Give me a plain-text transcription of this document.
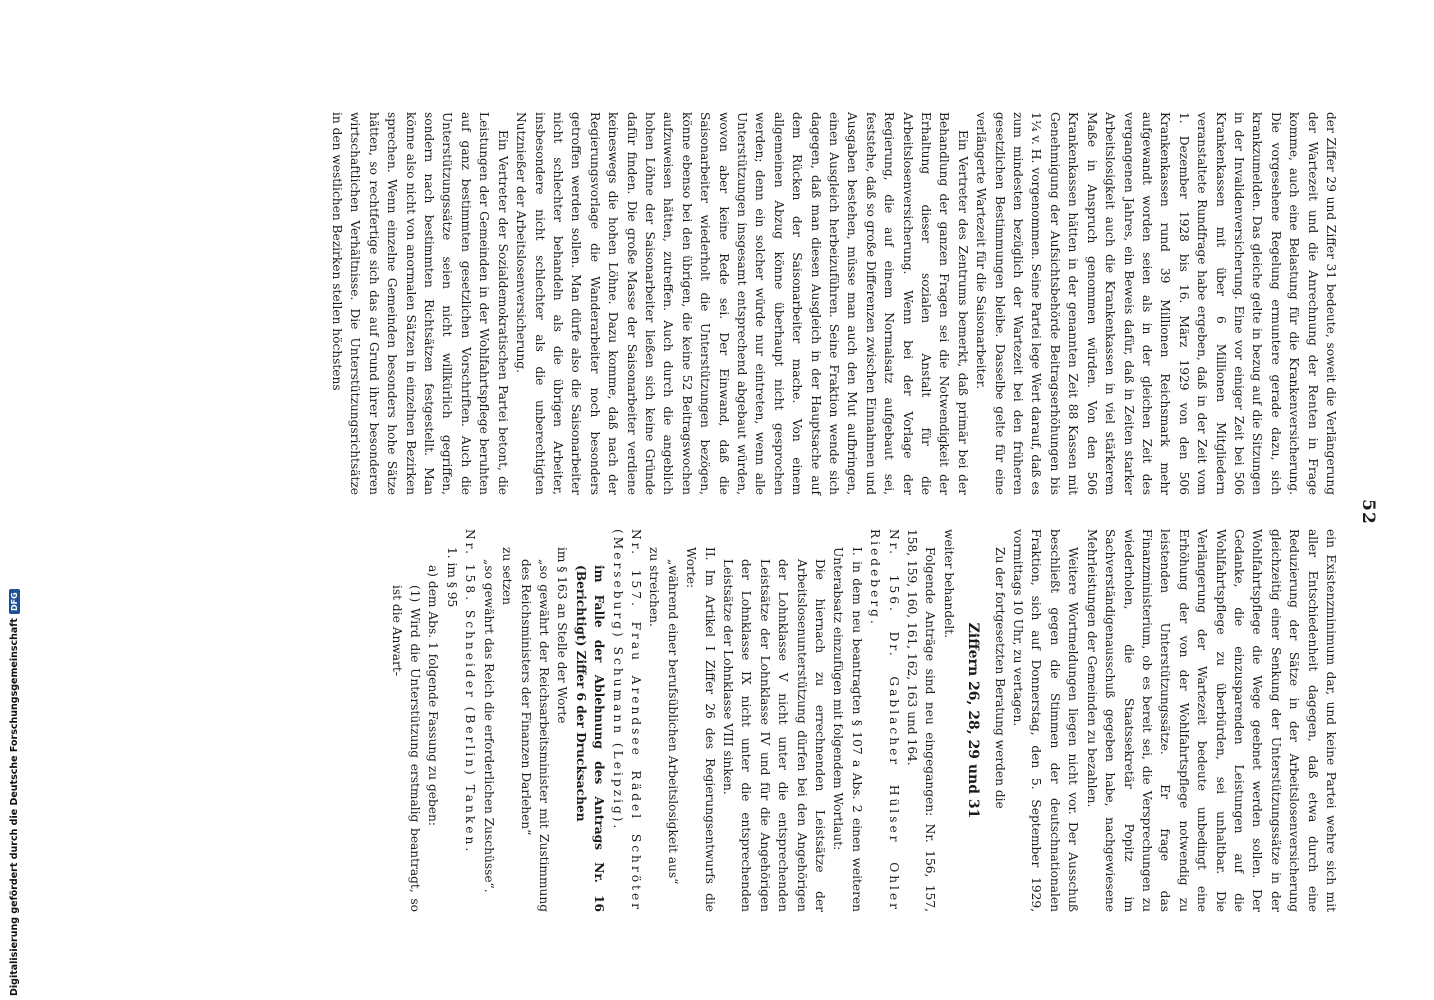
52

der Ziffer 29 und Ziffer 31 bedeute, soweit die Verlängerung der Wartezeit und die Anrechnung der Renten in Frage komme, auch eine Belastung für die Krankenversicherung. Die vorgesehene Regelung ermuntere gerade dazu, sich krankzumelden. Das gleiche gelte in bezug auf die Sitzungen in der Invalidenversicherung. Eine vor einiger Zeit bei 506 Krankenkassen mit über 6 Millionen Mitgliedern veranstaltete Rundfrage habe ergeben, daß in der Zeit vom 1. Dezember 1928 bis 16. März 1929 von den 506 Krankenkassen rund 39 Millionen Reichsmark mehr aufgewandt worden seien als in der gleichen Zeit des vergangenen Jahres, ein Beweis dafür, daß in Zeiten starker Arbeitslosigkeit auch die Krankenkassen in viel stärkerem Maße in Anspruch genommen würden. Von den 506 Krankenkassen hätten in der genannten Zeit 88 Kassen mit Genehmigung der Aufsichtsbehörde Beitragserhöhungen bis 1¼ v. H. vorgenommen. Seine Partei lege Wert darauf, daß es zum mindesten bezüglich der Wartezeit bei den früheren gesetzlichen Bestimmungen bleibe. Dasselbe gelte für eine verlängerte Wartezeit für die Saisonarbeiter.

Ein Vertreter des Zentrums bemerkt, daß primär bei der Behandlung der ganzen Fragen sei die Notwendigkeit der Erhaltung dieser sozialen Anstalt für die Arbeitslosenversicherung. Wenn bei der Vorlage der Regierung, die auf einem Normalsatz aufgebaut sei, feststehe, daß so große Differenzen zwischen Einnahmen und Ausgaben bestehen, müsse man auch den Mut aufbringen, einen Ausgleich herbeizuführen. Seine Fraktion wende sich dagegen, daß man diesen Ausgleich in der Hauptsache auf dem Rücken der Saisonarbeiter mache. Von einem allgemeinen Abzug könne überhaupt nicht gesprochen werden; denn ein solcher würde nur eintreten, wenn alle Unterstützungen insgesamt entsprechend abgebaut würden, wovon aber keine Rede sei. Der Einwand, daß die Saisonarbeiter wiederholt die Unterstützungen bezögen, könne ebenso bei den übrigen, die keine 52 Beitragswochen aufzuweisen hätten, zutreffen. Auch durch die angeblich hohen Löhne der Saisonarbeiter ließen sich keine Gründe dafür finden. Die große Masse der Saisonarbeiter verdiene keineswegs die hohen Löhne. Dazu komme, daß nach der Regierungsvorlage die Wanderarbeiter noch besonders getroffen werden sollen. Man dürfe also die Saisonarbeiter nicht schlechter behandeln als die übrigen Arbeiter, insbesondere nicht schlechter als die unberechtigten Nutznießer der Arbeitslosenversicherung.

Ein Vertreter der Sozialdemokratischen Partei betont, die Leistungen der Gemeinden in der Wohlfahrtspflege beruhten auf ganz bestimmten gesetzlichen Vorschriften. Auch die Unterstützungssätze seien nicht willkürlich gegriffen, sondern nach bestimmten Richtsätzen festgestellt. Man könne also nicht von anormalen Sätzen in einzelnen Bezirken sprechen. Wenn einzelne Gemeinden besonders hohe Sätze hätten, so rechtfertige sich das auf Grund ihrer besonderen wirtschaftlichen Verhältnisse. Die Unterstützungsrichtsätze in den westlichen Bezirken stellen höchstens

ein Existenzminimum dar, und keine Partei wehre sich mit aller Entschiedenheit dagegen, daß etwa durch eine Reduzierung der Sätze in der Arbeitslosenversicherung gleichzeitig einer Senkung der Unterstützungssätze in der Wohlfahrtspflege die Wege geebnet werden sollen. Der Gedanke, die einzusparenden Leistungen auf die Wohlfahrtspflege zu überbürden, sei unhaltbar. Die Verlängerung der Wartezeit bedeute unbedingt eine Erhöhung der von der Wohlfahrtspflege notwendig zu leistenden Unterstützungssätze. Er frage das Finanzministerium, ob es bereit sei, die Versprechungen zu wiederholen, die Staatssekretär Popitz im Sachverständigenausschuß gegeben habe, nachgewiesene Mehrleistungen der Gemeinden zu bezahlen.

Weitere Wortmeldungen liegen nicht vor. Der Ausschuß beschließt gegen die Stimmen der deutschnationalen Fraktion, sich auf Donnerstag, den 5. September 1929, vormittags 10 Uhr, zu vertagen.

Zu der fortgesetzten Beratung werden die

Ziffern 26, 28, 29 und 31

weiter behandelt.

Folgende Anträge sind neu eingegangen: Nr. 156, 157, 158, 159, 160, 161, 162, 163 und 164.

Nr. 156. Dr. Gablacher Hülser Ohler Riedeberg.

I. in dem neu beantragten § 107 a Abs. 2 einen weiteren Unterabsatz einzufügen mit folgendem Wortlaut:

Die hiernach zu errechnenden Leistsätze der Arbeitslosenunterstützung dürfen bei den Angehörigen der Lohnklasse V nicht unter die entsprechenden Leistsätze der Lohnklasse IV und für die Angehörigen der Lohnklasse IX nicht unter die entsprechenden Leistsätze der Lohnklasse VIII sinken.

II. Im Artikel I Ziffer 26 des Regierungsentwurfs die Worte:

„während einer berufsüblichen Arbeitslosigkeit aus“

zu streichen.

Nr. 157. Frau Arendsee Rädel Schröter (Merseburg) Schumann (Leipzig).

im Falle der Ablehnung des Antrags Nr. 16 (Berichtigt) Ziffer 6 der Drucksachen

im § 163 an Stelle der Worte

„so gewährt der Reichsarbeitsminister mit Zustimmung des Reichsministers der Finanzen Darlehen“

zu setzen

„so gewährt das Reich die erforderlichen Zuschüsse“.

Nr. 158. Schneider (Berlin) Tanken.

1. im § 95

a) dem Abs. 1 folgende Fassung zu geben:

(1) Wird die Unterstützung erstmalig beantragt, so ist die Anwart-

Digitalisierung gefördert durch die Deutsche Forschungsgemeinschaft
DFG
